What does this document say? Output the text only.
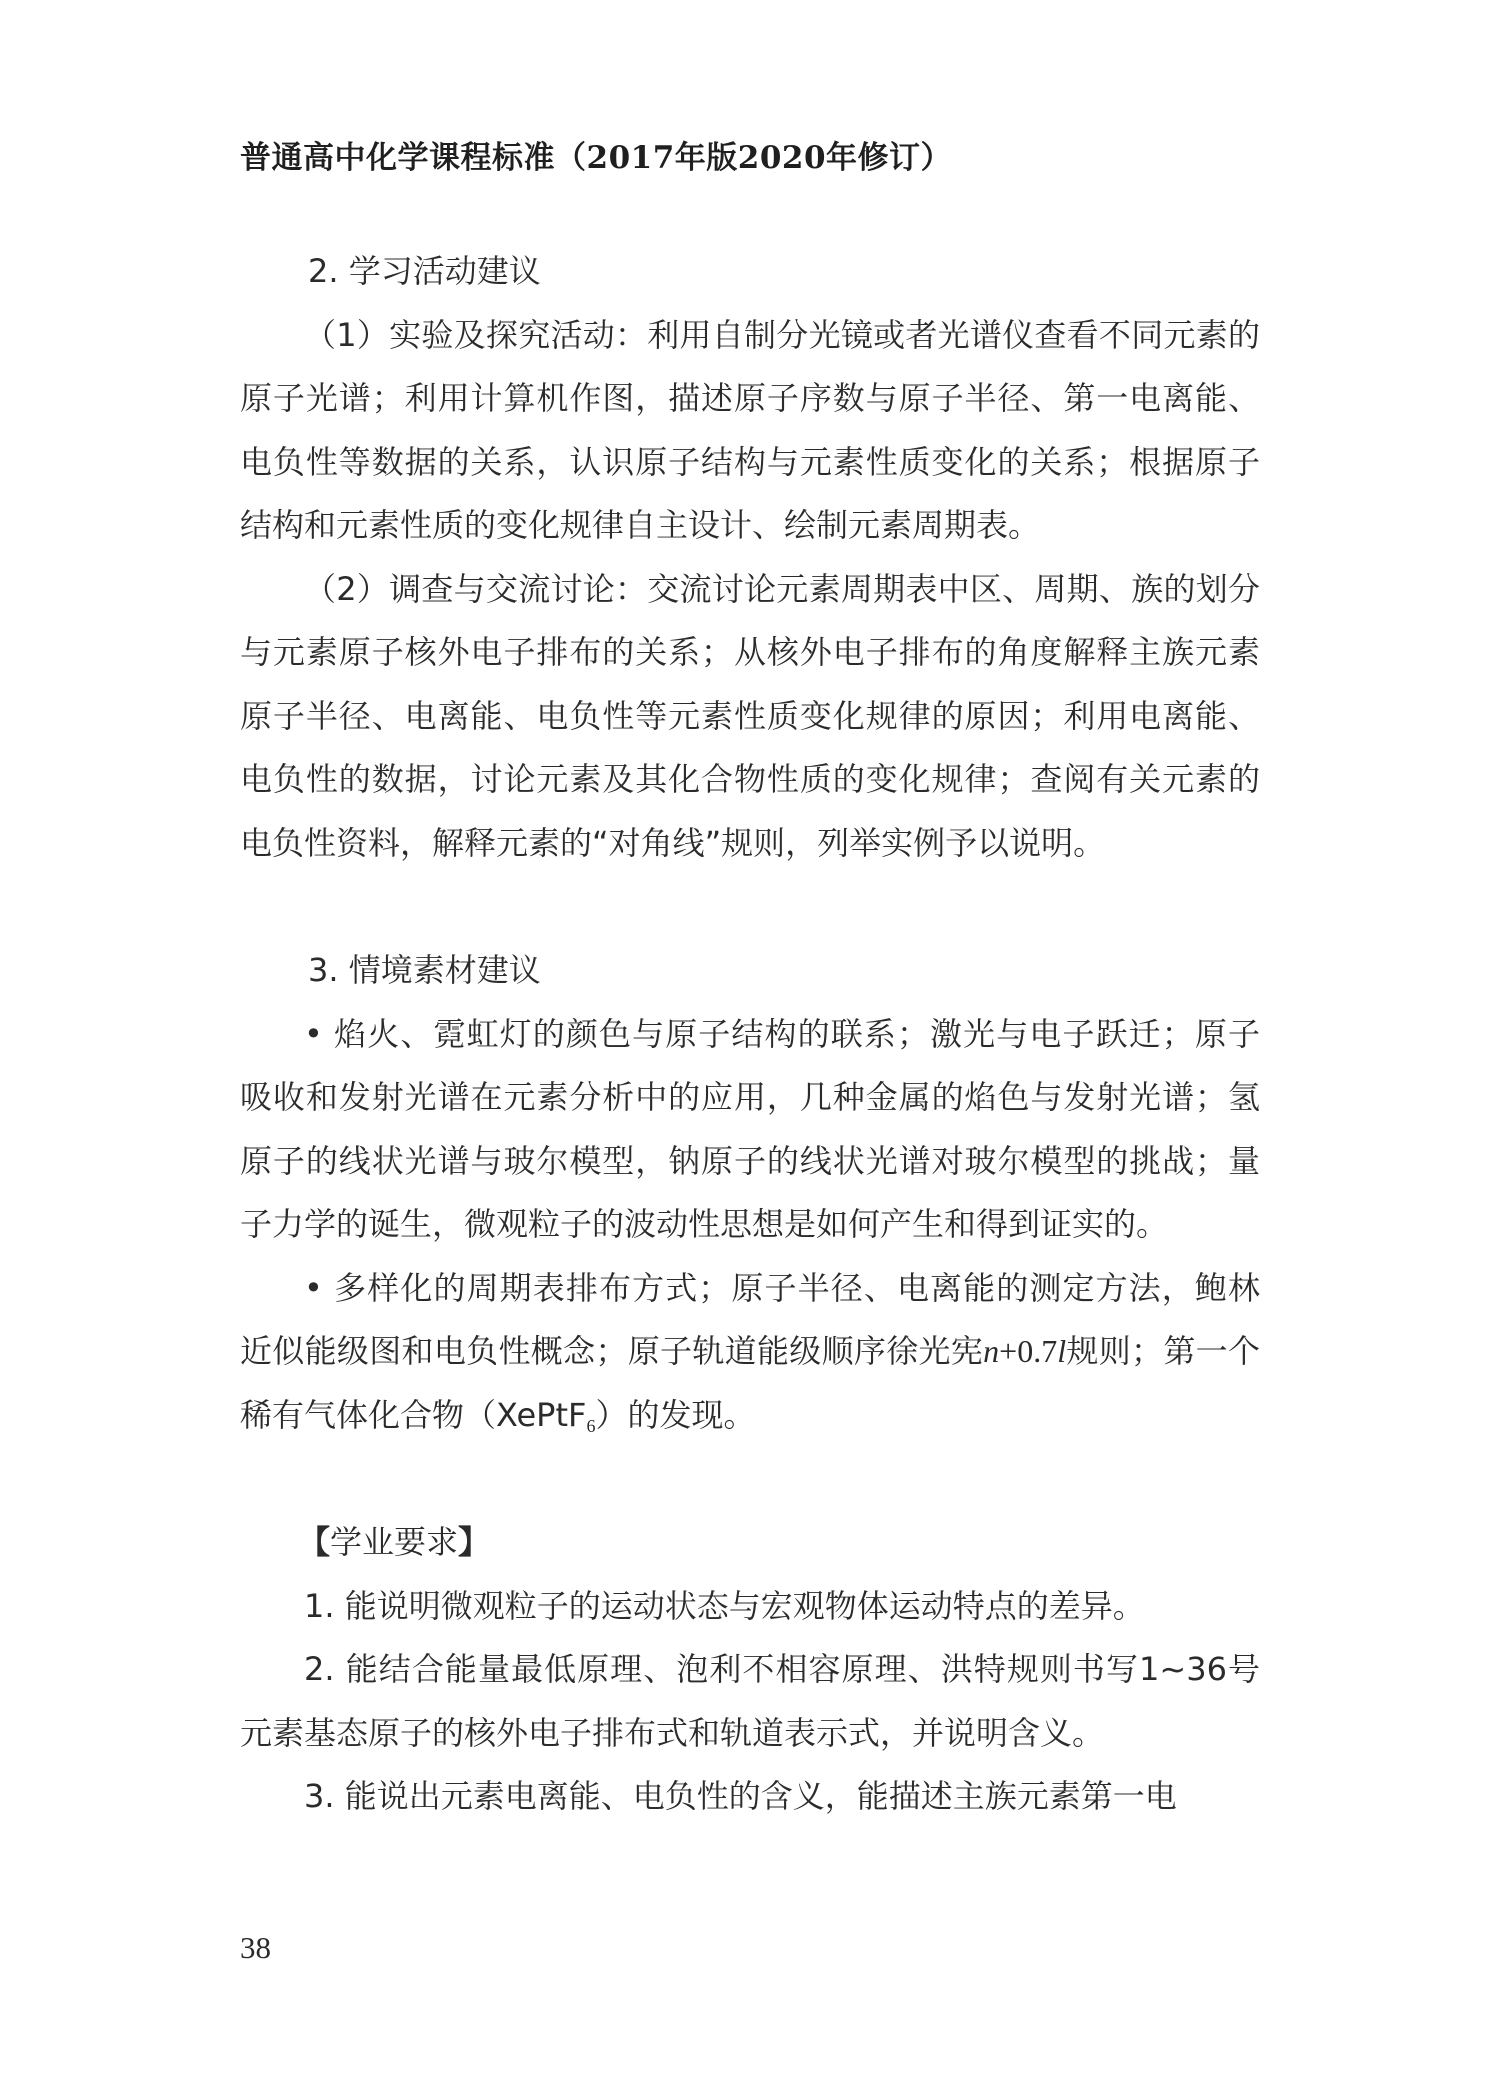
普通高中化学课程标准（2017年版2020年修订）

2. 学习活动建议

（1）实验及探究活动：利用自制分光镜或者光谱仪查看不同元素的原子光谱；利用计算机作图，描述原子序数与原子半径、第一电离能、电负性等数据的关系，认识原子结构与元素性质变化的关系；根据原子结构和元素性质的变化规律自主设计、绘制元素周期表。

（2）调查与交流讨论：交流讨论元素周期表中区、周期、族的划分与元素原子核外电子排布的关系；从核外电子排布的角度解释主族元素原子半径、电离能、电负性等元素性质变化规律的原因；利用电离能、电负性的数据，讨论元素及其化合物性质的变化规律；查阅有关元素的电负性资料，解释元素的“对角线”规则，列举实例予以说明。

3. 情境素材建议

• 焰火、霓虹灯的颜色与原子结构的联系；激光与电子跃迁；原子吸收和发射光谱在元素分析中的应用，几种金属的焰色与发射光谱；氢原子的线状光谱与玻尔模型，钠原子的线状光谱对玻尔模型的挑战；量子力学的诞生，微观粒子的波动性思想是如何产生和得到证实的。

• 多样化的周期表排布方式；原子半径、电离能的测定方法，鲍林近似能级图和电负性概念；原子轨道能级顺序徐光宪n+0.7l规则；第一个稀有气体化合物（XePtF$_6$）的发现。

【学业要求】

1. 能说明微观粒子的运动状态与宏观物体运动特点的差异。

2. 能结合能量最低原理、泡利不相容原理、洪特规则书写1~36号元素基态原子的核外电子排布式和轨道表示式，并说明含义。

3. 能说出元素电离能、电负性的含义，能描述主族元素第一电

38
